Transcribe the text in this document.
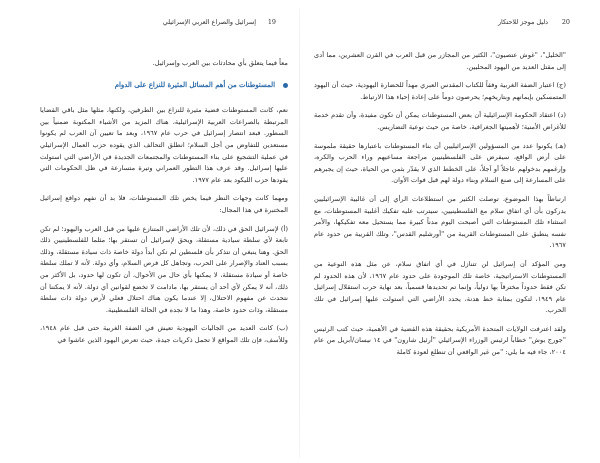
19
إسرائيل والصراع العربي الإسرائيلي

معاً فيما يتعلق بأي محادثات بين العرب وإسرائيل.

المستوطنات من أهم المسائل المثيرة للنزاع على الدوام

نعم، كانت المستوطنات قضية مثيرة للنزاع بين الطرفين، ولكنها، مثلها مثل باقي القضايا المرتبطة بالصراعات العربية الإسرائيلية، هناك المزيد من الأشياء المكتوبة ضمنياً بين السطور. فبعد انتصار إسرائيل في حرب عام ١٩٦٧، وبعد ما تعيين آن العرب لم يكونوا مستعدين للتفاوض من أجل السلام؛ انطلق التحالف الذي يقوده حزب العمال الإسرائيلي في عملية التشجيع على بناء المستوطنات والمجتمعات الجديدة في الأراضي التي استولت عليها إسرائيل. وقد عرف هذا التطور العمراني وتيرة متسارعة في ظل الحكومات التي يقودها حزب الليكود بعد عام ١٩٧٧.

ومهما كانت وجهات النظر فيما يخص تلك المستوطنات، فلا بد أن نفهم دوافع إسرائيل المختبرة في هذا المجال:

(أ) لإسرائيل الحق في ذلك، لأن تلك الأراضي المتنازع عليها من قبل العرب واليهود؛ لم تكن تابعة لأي سلطة سيادية مستقلة، ويحق لإسرائيل أن تستقر بها؛ مثلما للفلسطينيين ذلك الحق. وهنا ينبغي أن نتذكر بأن فلسطين لم تكن أبداً دولة خاصة ذات سيادة مستقلة، وذلك بسبب العناد والإصرار على الحرب، وتجاهل كل فرص السلام، وأي دولة. لأنه لا تملك سلطة خاصة أو سيادة مستقلة، لا يمكنها بأي حال من الأحوال، أن تكون لها حدود، بل الأكثر من ذلك، أنه لا يمكن لأي أحد أن يستقر بها، مادامت لا تخضع لقوانين أي دولة. لأنه لا يمكننا أن نتحدث عن مفهوم الاحتلال، إلا عندما يكون هناك احتلال فعلي لأرض دولة ذات سلطة مستقلة، وذات حدود خاصة، وهذا ما لا نجده في الحالة الفلسطينية.

(ب) كانت العديد من الجاليات اليهودية تعيش في الضفة الغربية حتى قبل عام ١٩٤٨، وللأسف، فإن تلك المواقع لا تحمل ذكريات جيدة، حيث تعرض اليهود الذين عاشوا في

20
دليل موجز للاحتكار

"الخليل"، "غوش عتصيون"، الكثير من المجازر من قبل العرب في القرن العشرين، مما أدى إلى مقتل العديد من اليهود المحليين.

(ج) اعتبار الضفة الغربية وفقاً للكتاب المقدس العبري مهداً للحضارة اليهودية، حيث أن اليهود المتمسكين بإيمانهم وبتاريخهم؛ يحرصون دوماً على إعادة إحياء هذا الارتباط.

(د) اعتقاد الحكومة الإسرائيلية أن بعض المستوطنات يمكن أن تكون مفيدة، وأن تقدم خدمة للأغراض الأمنية؛ لأهميتها الجغرافية، خاصة من حيث نوعية التضاريس.

(هـ) يكونوا عدد من المسؤولين الإسرائيليين أن بناء المستوطنات باعتبارها حقيقة ملموسة على أرض الواقع، سيفرض على الفلسطينيين مراجعة مساعيهم وراء الحرب والكره، وإرغمهم بدخولهم عاجلاً أو آجلاً، على الخطط الذي لا يقدّر بثمن من الحياة، حيث إن يجبرهم على المسارعة إلى صنع السلام وبناء دولة لهم قبل فوات الأوان.

ارتباطاً بهذا الموضوع، توصلت الكثير من استطلاعات الرأي إلى أن غالبية الإسرائيليين يدركون بأن أي اتفاق سلام مع الفلسطينيين، سيترتب عليه تفكيك أغلبية المستوطنات، مع استثناء تلك المستوطنات التي أصبحت اليوم مدناً كبيرة مما يستحيل معه تفكيكها، والأمر نفسه ينطبق على المستوطنات القريبة من "أورشليم القدس"، وتلك القريبة من حدود عام ١٩٦٧.

ومن المؤكد أن إسرائيل لن تتنازل في أي اتفاق سلام، عن مثل هذه النوعية من المستوطنات الاستراتيجية، خاصة تلك الموجودة على حدود عام ١٩٦٧، لأن هذه الحدود لم تكن فقط حدوداً مخترقاً بها دولياً، وإنما تم تحديدها قسمياً، بعد نهاية حرب استقلال إسرائيل عام ١٩٤٩، لتكون بمثابة خط هدنة، يحدد الأراضي التي استولت عليها إسرائيل في تلك الحرب.

ولقد اعترفت الولايات المتحدة الأمريكية بحقيقة هذه القضية في الأهمية، حيث كتب الرئيس "جورج بوش" خطاباً لرئيس الوزراء الإسرائيلي "أرئيل شارون" في ١٤ نيسان/أبريل من عام ٢٠٠٤، جاء فيه ما يلي: "من غير الواقعي أن تنطلع لعودة كاملة
